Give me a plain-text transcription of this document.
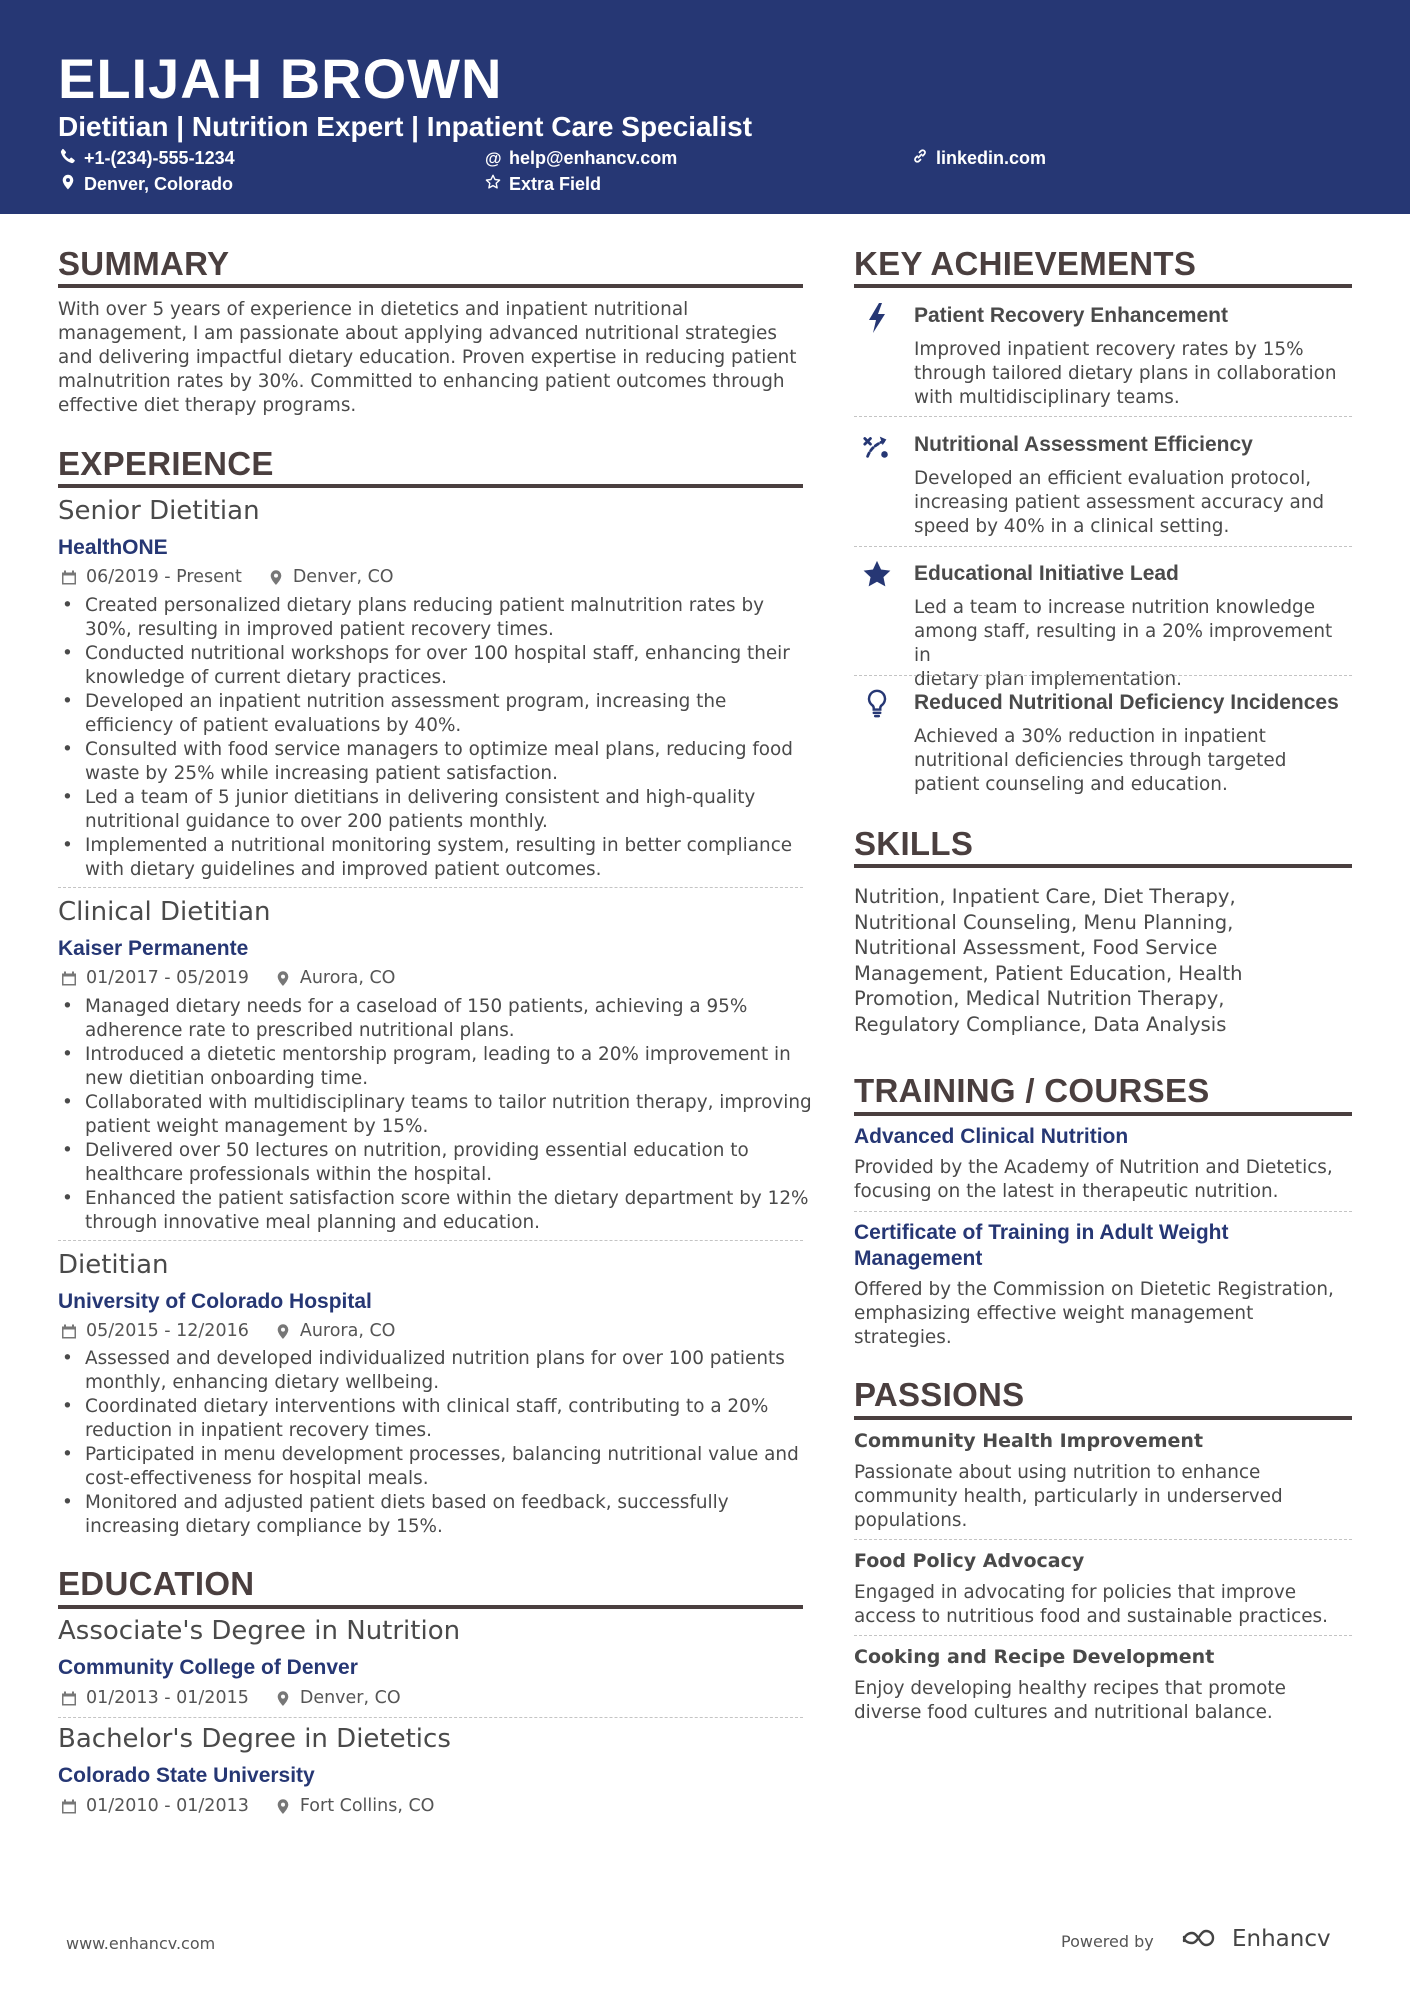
ELIJAH BROWN
Dietitian | Nutrition Expert | Inpatient Care Specialist
+1-(234)-555-1234	@ help@enhancv.com	linkedin.com
Denver, Colorado	Extra Field
SUMMARY
With over 5 years of experience in dietetics and inpatient nutritional
management, I am passionate about applying advanced nutritional strategies
and delivering impactful dietary education. Proven expertise in reducing patient
malnutrition rates by 30%. Committed to enhancing patient outcomes through
effective diet therapy programs.
EXPERIENCE
Senior Dietitian
HealthONE
06/2019 - Present	Denver, CO
• Created personalized dietary plans reducing patient malnutrition rates by
30%, resulting in improved patient recovery times.
• Conducted nutritional workshops for over 100 hospital staff, enhancing their
knowledge of current dietary practices.
• Developed an inpatient nutrition assessment program, increasing the
efficiency of patient evaluations by 40%.
• Consulted with food service managers to optimize meal plans, reducing food
waste by 25% while increasing patient satisfaction.
• Led a team of 5 junior dietitians in delivering consistent and high-quality
nutritional guidance to over 200 patients monthly.
• Implemented a nutritional monitoring system, resulting in better compliance
with dietary guidelines and improved patient outcomes.
Clinical Dietitian
Kaiser Permanente
01/2017 - 05/2019	Aurora, CO
• Managed dietary needs for a caseload of 150 patients, achieving a 95%
adherence rate to prescribed nutritional plans.
• Introduced a dietetic mentorship program, leading to a 20% improvement in
new dietitian onboarding time.
• Collaborated with multidisciplinary teams to tailor nutrition therapy, improving
patient weight management by 15%.
• Delivered over 50 lectures on nutrition, providing essential education to
healthcare professionals within the hospital.
• Enhanced the patient satisfaction score within the dietary department by 12%
through innovative meal planning and education.
Dietitian
University of Colorado Hospital
05/2015 - 12/2016	Aurora, CO
• Assessed and developed individualized nutrition plans for over 100 patients
monthly, enhancing dietary wellbeing.
• Coordinated dietary interventions with clinical staff, contributing to a 20%
reduction in inpatient recovery times.
• Participated in menu development processes, balancing nutritional value and
cost-effectiveness for hospital meals.
• Monitored and adjusted patient diets based on feedback, successfully
increasing dietary compliance by 15%.
EDUCATION
Associate's Degree in Nutrition
Community College of Denver
01/2013 - 01/2015	Denver, CO
Bachelor's Degree in Dietetics
Colorado State University
01/2010 - 01/2013	Fort Collins, CO
KEY ACHIEVEMENTS
Patient Recovery Enhancement
Improved inpatient recovery rates by 15%
through tailored dietary plans in collaboration
with multidisciplinary teams.
Nutritional Assessment Efficiency
Developed an efficient evaluation protocol,
increasing patient assessment accuracy and
speed by 40% in a clinical setting.
Educational Initiative Lead
Led a team to increase nutrition knowledge
among staff, resulting in a 20% improvement in
dietary plan implementation.
Reduced Nutritional Deficiency Incidences
Achieved a 30% reduction in inpatient
nutritional deficiencies through targeted
patient counseling and education.
SKILLS
Nutrition, Inpatient Care, Diet Therapy,
Nutritional Counseling, Menu Planning,
Nutritional Assessment, Food Service
Management, Patient Education, Health
Promotion, Medical Nutrition Therapy,
Regulatory Compliance, Data Analysis
TRAINING / COURSES
Advanced Clinical Nutrition
Provided by the Academy of Nutrition and Dietetics,
focusing on the latest in therapeutic nutrition.
Certificate of Training in Adult Weight
Management
Offered by the Commission on Dietetic Registration,
emphasizing effective weight management
strategies.
PASSIONS
Community Health Improvement
Passionate about using nutrition to enhance
community health, particularly in underserved
populations.
Food Policy Advocacy
Engaged in advocating for policies that improve
access to nutritious food and sustainable practices.
Cooking and Recipe Development
Enjoy developing healthy recipes that promote
diverse food cultures and nutritional balance.
www.enhancv.com	Powered by	Enhancv
